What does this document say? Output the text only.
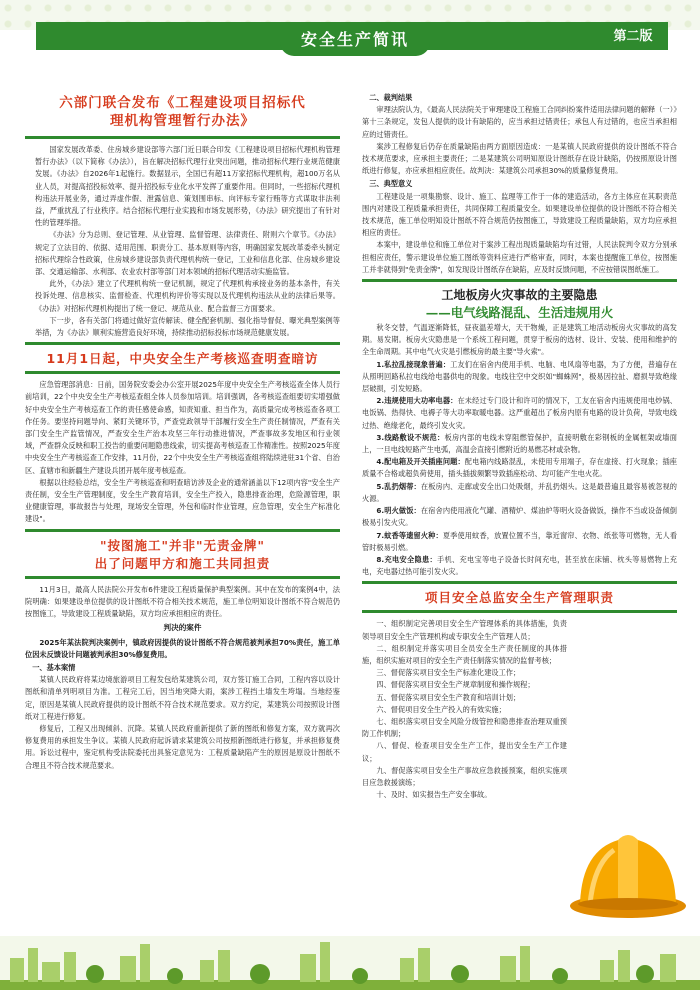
安全生产简讯	第二版
六部门联合发布《工程建设项目招标代
理机构管理暂行办法》

国家发展改革委、住房城乡建设部等六部门近日联合印发《工程建设项目招标代理机构管理暂行办法》（以下简称《办法》），旨在解决招标代理行业突出问题，推动招标代理行业规范健康发展。《办法》自2026年1起施行。数据显示，全国已有超11万家招标代理机构，超100万名从业人员，对提高招投标效率、提升招投标专业化水平发挥了重要作用。但同时，一些招标代理机构违法开展业务，通过弄虚作假、泄露信息、策划围串标、向评标专家行贿等方式谋取非法利益，严重扰乱了行业秩序。结合招标代理行业实践和市场发展形势，《办法》研究提出了有针对性的管理举措。

《办法》分为总则、登记管理、从业管理、监督管理、法律责任、附则六个章节。《办法》规定了立法目的、依据、适用范围、职责分工、基本原则等内容，明确国家发展改革委牵头制定招标代理综合性政策，住房城乡建设部负责代理机构统一登记，工业和信息化部、住房城乡建设部、交通运输部、水利部、农业农村部等部门对本领域的招标代理活动实施监管。

此外，《办法》建立了代理机构统一登记机制，规定了代理机构承接业务的基本条件，有关投诉处理、信息核实、监督检查、代理机构评价等实现以及代理机构违法从业的法律后果等。《办法》对招标代理机构提出了统一登记、规范从业、配合监督三方面要求。

下一步，各有关部门将通过做好宣传解读、健全配套机制、强化指导督促、曝光典型案例等举措，为《办法》顺利实施营造良好环境，持续推动招标投标市场规范健康发展。

11月1日起，中央安全生产考核巡查明查暗访

应急管理部消息：日前，国务院安委会办公室开展2025年度中央安全生产考核巡查全体人员行前培训，22个中央安全生产考核巡查组全体人员参加培训。培训强调，各考核巡查组要切实增强做好中央安全生产考核巡查工作的责任感使命感，知责知重、担当作为，高质量完成考核巡查各项工作任务。要坚持问题导向、紧盯关键环节，严查党政领导干部履行安全生产责任制情况，严查有关部门安全生产监管情况，严查安全生产治本攻坚三年行动推进情况，严查事故多发地区和行业领域，严查群众反映和职工投告的重要问题隐患线索，切实提高考核巡查工作精准性。按照2025年度中央安全生产考核巡查工作安排，11月份，22个中央安全生产考核巡查组将陆续进驻31个省、自治区、直辖市和新疆生产建设兵团开展年度考核巡查。

根据以往经验总结，安全生产考核巡查和明查暗访涉及企业的通常涵盖以下12项内容"安全生产责任制，安全生产管理制度，安全生产教育培训，安全生产投入，隐患排查治理，危险源管理，职业健康管理，事故报告与处理，现场安全管理，外包和临时作业管理，应急管理，安全生产标准化建设"。

"按图施工"并非"无责金牌"
出了问题甲方和施工共同担责

11月3日，最高人民法院公开发布6件建设工程质量保护典型案例。其中在发布的案例4中，法院明确：如果建设单位提供的设计图纸不符合相关技术规范，施工单位明知设计图纸不符合规范仍按图施工，导致建设工程质量缺陷，双方均应承担相应的责任。

判决的案件

2025年某法院判决案例中，镇政府因提供的设计图纸不符合规范被判承担70%责任，施工单位因未反馈设计问题被判承担30%修复费用。

一、基本案情

某镇人民政府将某边境旅游项目工程发包给某建筑公司，双方签订施工合同，工程内容以设计图纸和清单列明项目为准。工程完工后，因当地突降大雨，案涉工程挡土墙发生垮塌。当地经鉴定，原因是某镇人民政府提供的设计图纸不符合技术规范要求。双方约定，某建筑公司按照设计图纸对工程进行修复。

修复后，工程又出现倾斜、沉降。某镇人民政府重新提供了新的图纸和修复方案，双方就再次修复费用的承担发生争议。某镇人民政府起诉请求某建筑公司按照新图纸进行修复，并承担修复费用。诉讼过程中，鉴定机构受法院委托出具鉴定意见为：工程质量缺陷产生的原因是原设计图纸不合理且不符合技术规范要求。

二、裁判结果

审理法院认为，《最高人民法院关于审理建设工程施工合同纠纷案件适用法律问题的解释（一）》第十三条规定，发包人提供的设计有缺陷的，应当承担过错责任；承包人有过错的，也应当承担相应的过错责任。

案涉工程修复后仍存在质量缺陷由两方面原因造成：一是某镇人民政府提供的设计图纸不符合技术规范要求，应承担主要责任；二是某建筑公司明知原设计图纸存在设计缺陷，仍按照原设计图纸进行修复，亦应承担相应责任。故判决：某建筑公司承担30%的质量修复费用。

三、典型意义

工程建设是一项集勘察、设计、施工、监理等工作于一体的建造活动，各方主体应在其职责范围内对建设工程质量承担责任，共同保障工程质量安全。如果建设单位提供的设计图纸不符合相关技术规范，施工单位明知设计图纸不符合规范仍按图施工，导致建设工程质量缺陷，双方均应承担相应的责任。

本案中，建设单位和施工单位对于案涉工程出现质量缺陷均有过错，人民法院判令双方分别承担相应责任，警示建设单位施工图纸等资料应进行严格审查，同时，本案也提醒施工单位，按图施工并非就得到"免责金牌"，如发现设计图纸存在缺陷，应及时反馈问题，不应按错误图纸施工。

工地板房火灾事故的主要隐患
——电气线路混乱、生活违规用火

秋冬交替，气温逐渐降低，昼夜温差增大，天干物燥，正是建筑工地活动板房火灾事故的高发期。易发期。板房火灾隐患是一个系统工程问题，贯穿于板房的选材、设计、安装、使用和维护的全生命周期。其中电气火灾是引燃板房的最主要"导火索"。

1.私拉乱接现象普遍：工友们在宿舍内使用手机、电脑、电风扇等电器，为了方便，普遍存在从照明回路私拉电线给电器供电的现象。电线往空中交织如"蜘蛛网"，极易因拉扯、磨损导致绝缘层破损，引发短路。

2.违规使用大功率电器：在未经过专门设计和许可的情况下，工友在宿舍内违规使用电炒锅、电饭锅、热得快、电褥子等大功率取暖电器。这严重超出了板房内原有电路的设计负荷，导致电线过热、绝缘老化，最终引发火灾。

3.线路敷设不规范：板房内部的电线未穿阻燃管保护，直接明敷在彩钢板的金属框架或墙面上，一旦电线短路产生电弧，高温会直接引燃附近的易燃芯材或杂物。

4.配电箱及开关插座问题：配电箱内线路混乱，未使用专用端子，存在虚接、打火现象；插座质量不合格或超负荷使用，插头插拔频繁导致插座松动、均可能产生电火花。

5.乱扔烟蒂：在板房内、走廊或安全出口处吸烟，并乱扔烟头。这是最普遍且最容易被忽视的火源。

6.明火做饭：在宿舍内使用液化气罐、酒精炉、煤油炉等明火设备做饭，操作不当或设备倾倒极易引发火灾。

7.蚊香等遗留火种：夏季使用蚊香，放置位置不当，靠近窗帘、衣物、纸张等可燃物，无人看管时极易引燃。

8.充电安全隐患：手机、充电宝等电子设备长时间充电，甚至放在床铺、枕头等易燃物上充电，充电器过热可能引发火灾。

项目安全总监安全生产管理职责

一、组织制定完善项目安全生产管理体系的具体措施，负责领导项目安全生产管理机构或专职安全生产管理人员；

二、组织制定并落实项目全员安全生产责任制度的具体措施，组织实施对项目的安全生产责任制落实情况的监督考核；

三、督促落实项目安全生产标准化建设工作；

四、督促落实项目安全生产规章制度和操作规程；

五、督促落实项目安全生产教育和培训计划；

六、督促项目安全生产投入的有效实施；

七、组织落实项目安全风险分级管控和隐患排查治理双重预防工作机制；

八、督促、检查项目安全生产工作，提出安全生产工作建议；

九、督促落实项目安全生产事故应急救援预案，组织实施项目应急救援演练；

十、及时、如实报告生产安全事故。
